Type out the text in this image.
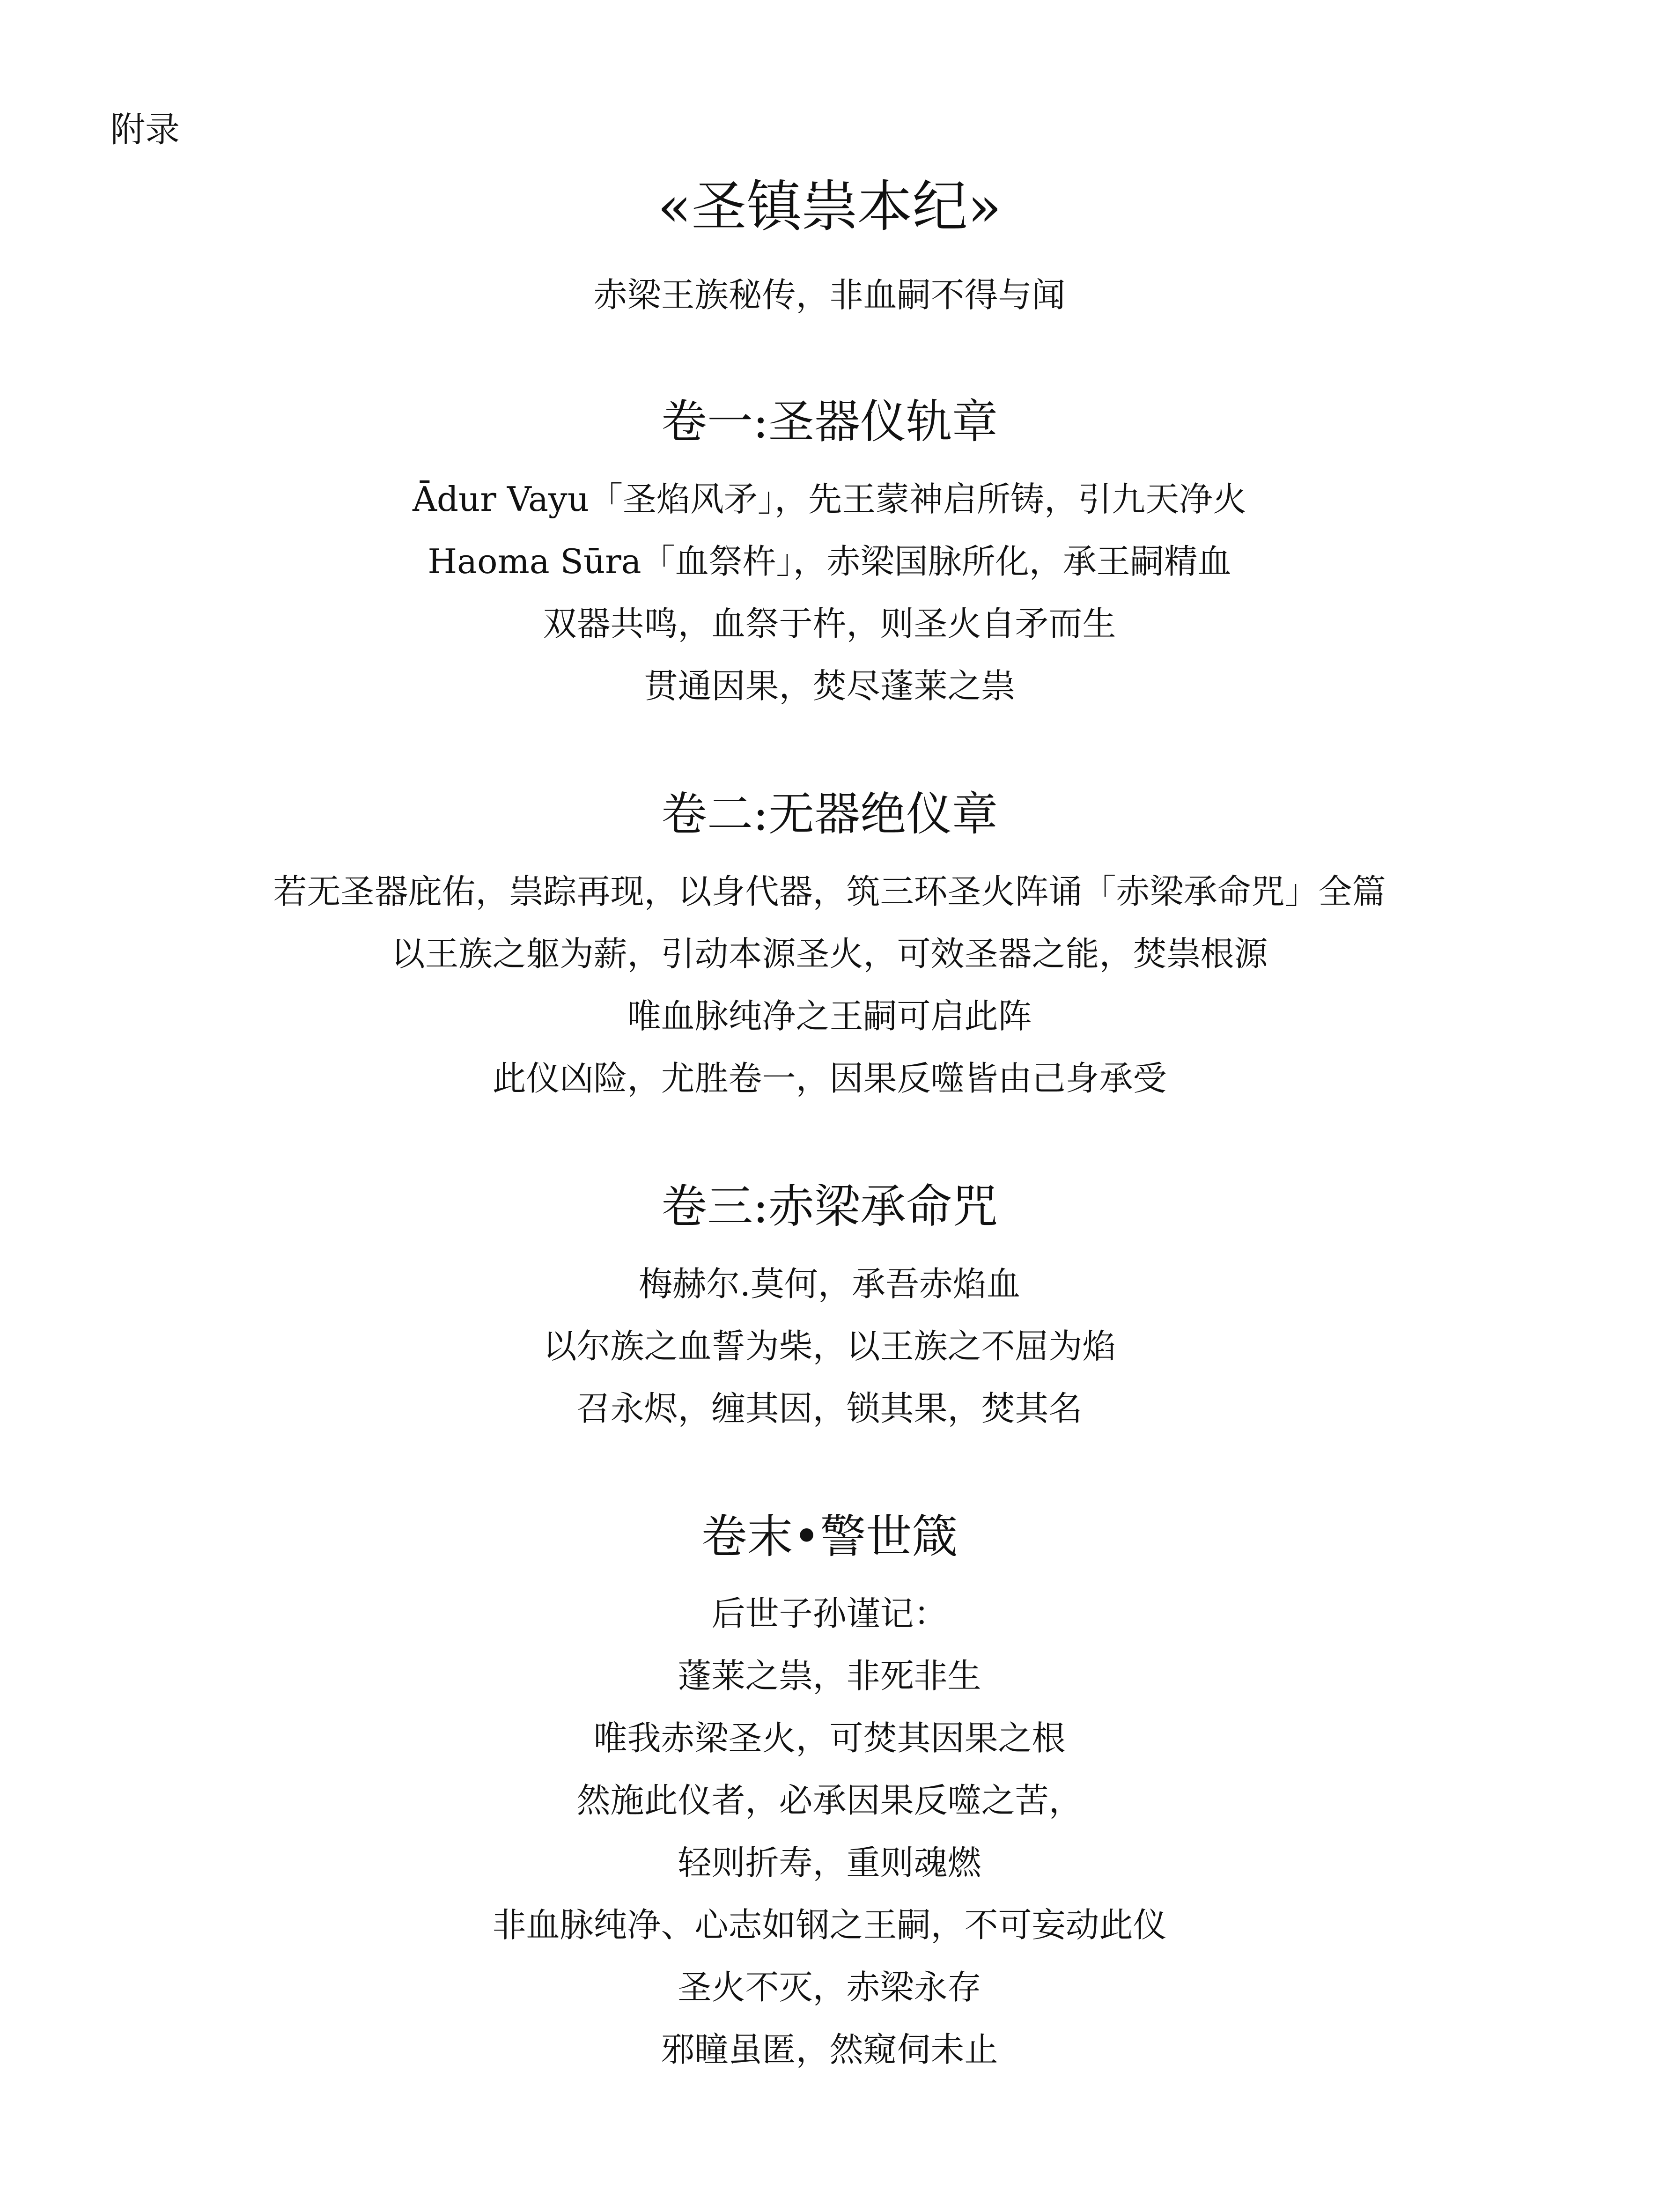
附录
«圣镇祟本纪»
赤梁王族秘传，非血嗣不得与闻
卷一:圣器仪轨章
Ādur Vayu「圣焰风矛」，先王蒙神启所铸，引九天净火
Haoma Sūra「血祭杵」，赤梁国脉所化，承王嗣精血
双器共鸣，血祭于杵，则圣火自矛而生
贯通因果，焚尽蓬莱之祟
卷二:无器绝仪章
若无圣器庇佑，祟踪再现，以身代器，筑三环圣火阵诵「赤梁承命咒」全篇
以王族之躯为薪，引动本源圣火，可效圣器之能，焚祟根源
唯血脉纯净之王嗣可启此阵
此仪凶险，尤胜卷一，因果反噬皆由己身承受
卷三:赤梁承命咒
梅赫尔.莫何，承吾赤焰血
以尔族之血誓为柴，以王族之不屈为焰
召永烬，缠其因，锁其果，焚其名
卷末•警世箴
后世子孙谨记：
蓬莱之祟，非死非生
唯我赤梁圣火，可焚其因果之根
然施此仪者，必承因果反噬之苦，
轻则折寿，重则魂燃
非血脉纯净、心志如钢之王嗣，不可妄动此仪
圣火不灭，赤梁永存
邪瞳虽匿，然窥伺未止
